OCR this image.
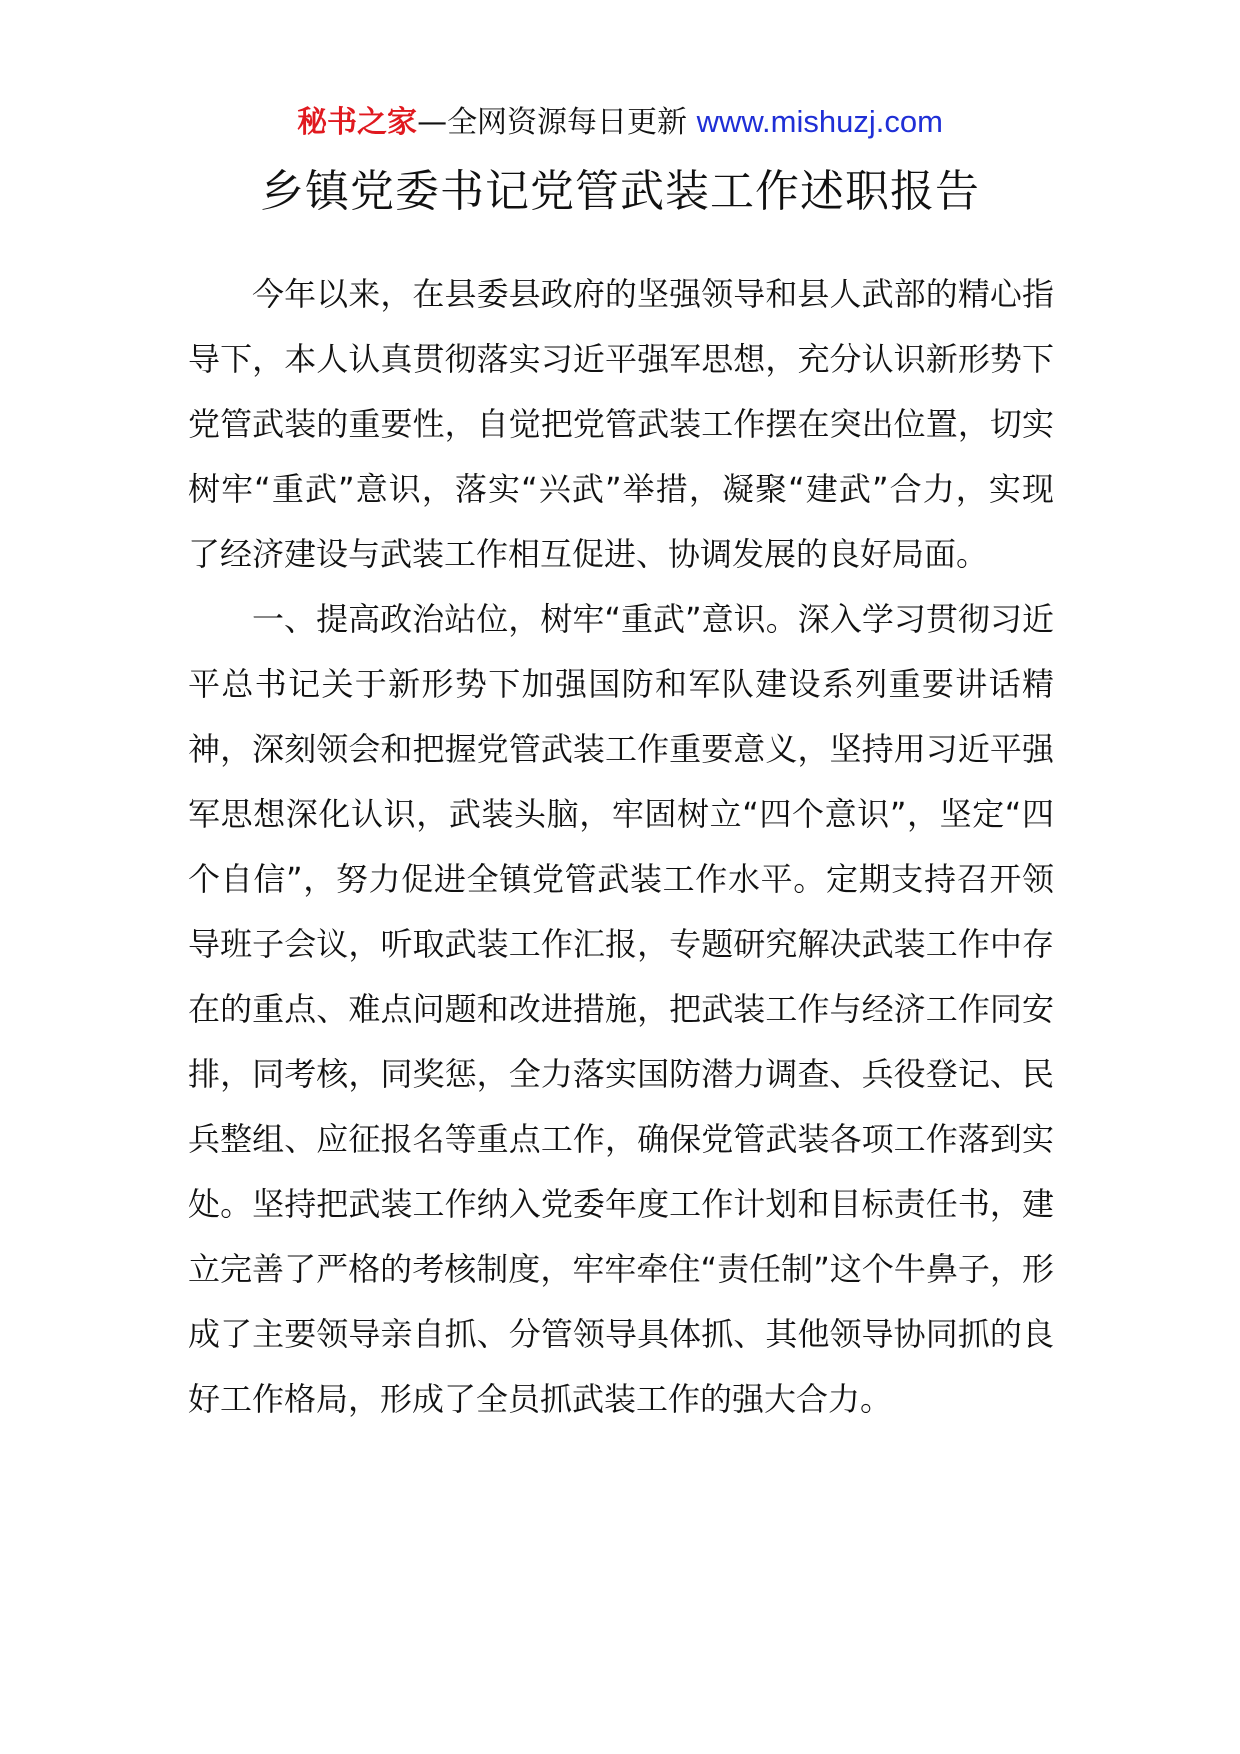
秘书之家—全网资源每日更新 www.mishuzj.com
乡镇党委书记党管武装工作述职报告

今年以来，在县委县政府的坚强领导和县人武部的精心指导下，本人认真贯彻落实习近平强军思想，充分认识新形势下党管武装的重要性，自觉把党管武装工作摆在突出位置，切实树牢“重武”意识，落实“兴武”举措，凝聚“建武”合力，实现了经济建设与武装工作相互促进、协调发展的良好局面。

一、提高政治站位，树牢“重武”意识。深入学习贯彻习近平总书记关于新形势下加强国防和军队建设系列重要讲话精神，深刻领会和把握党管武装工作重要意义，坚持用习近平强军思想深化认识，武装头脑，牢固树立“四个意识”，坚定“四个自信”，努力促进全镇党管武装工作水平。定期支持召开领导班子会议，听取武装工作汇报，专题研究解决武装工作中存在的重点、难点问题和改进措施，把武装工作与经济工作同安排，同考核，同奖惩，全力落实国防潜力调查、兵役登记、民兵整组、应征报名等重点工作，确保党管武装各项工作落到实处。坚持把武装工作纳入党委年度工作计划和目标责任书，建立完善了严格的考核制度，牢牢牵住“责任制”这个牛鼻子，形成了主要领导亲自抓、分管领导具体抓、其他领导协同抓的良好工作格局，形成了全员抓武装工作的强大合力。
